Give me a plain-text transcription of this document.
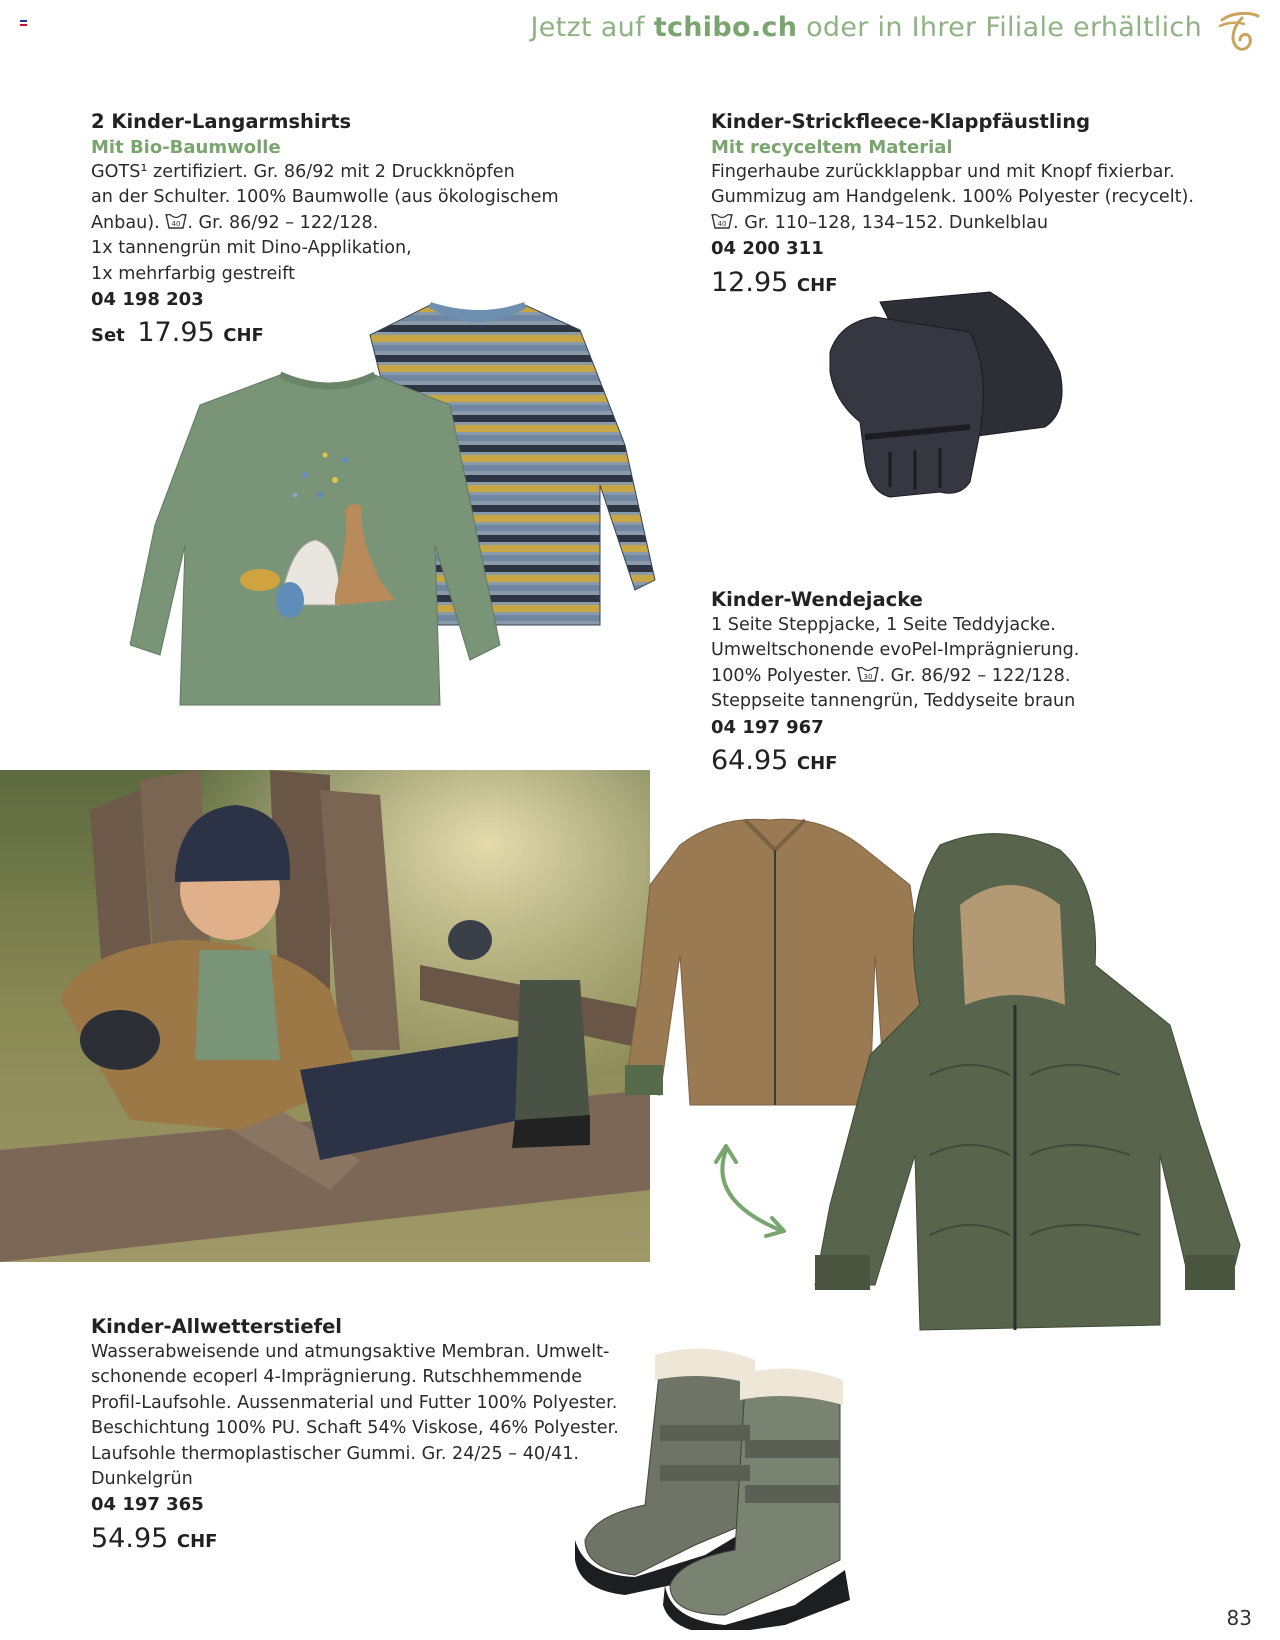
Jetzt auf tchibo.ch oder in Ihrer Filiale erhältlich
2 Kinder-Langarmshirts
Mit Bio-Baumwolle
GOTS¹ zertifiziert. Gr. 86/92 mit 2 Druckknöpfen
an der Schulter. 100% Baumwolle (aus ökologischem
Anbau). 40 . Gr. 86/92 – 122/128.
1x tannengrün mit Dino-Applikation,
1x mehrfarbig gestreift
04 198 203
Set 17.95 CHF
Kinder-Strickfleece-Klappfäustling
Mit recyceltem Material
Fingerhaube zurückklappbar und mit Knopf fixierbar.
Gummizug am Handgelenk. 100% Polyester (recycelt).
40 . Gr. 110–128, 134–152. Dunkelblau
04 200 311
12.95 CHF
Kinder-Wendejacke
1 Seite Steppjacke, 1 Seite Teddyjacke.
Umweltschonende evoPel-Imprägnierung.
100% Polyester. 30 . Gr. 86/92 – 122/128.
Steppseite tannengrün, Teddyseite braun
04 197 967
64.95 CHF
Kinder-Allwetterstiefel
Wasserabweisende und atmungsaktive Membran. Umwelt-
schonende ecoperl 4-Imprägnierung. Rutschhemmende
Profil-Laufsohle. Aussenmaterial und Futter 100% Polyester.
Beschichtung 100% PU. Schaft 54% Viskose, 46% Polyester.
Laufsohle thermoplastischer Gummi. Gr. 24/25 – 40/41.
Dunkelgrün
04 197 365
54.95 CHF
83
